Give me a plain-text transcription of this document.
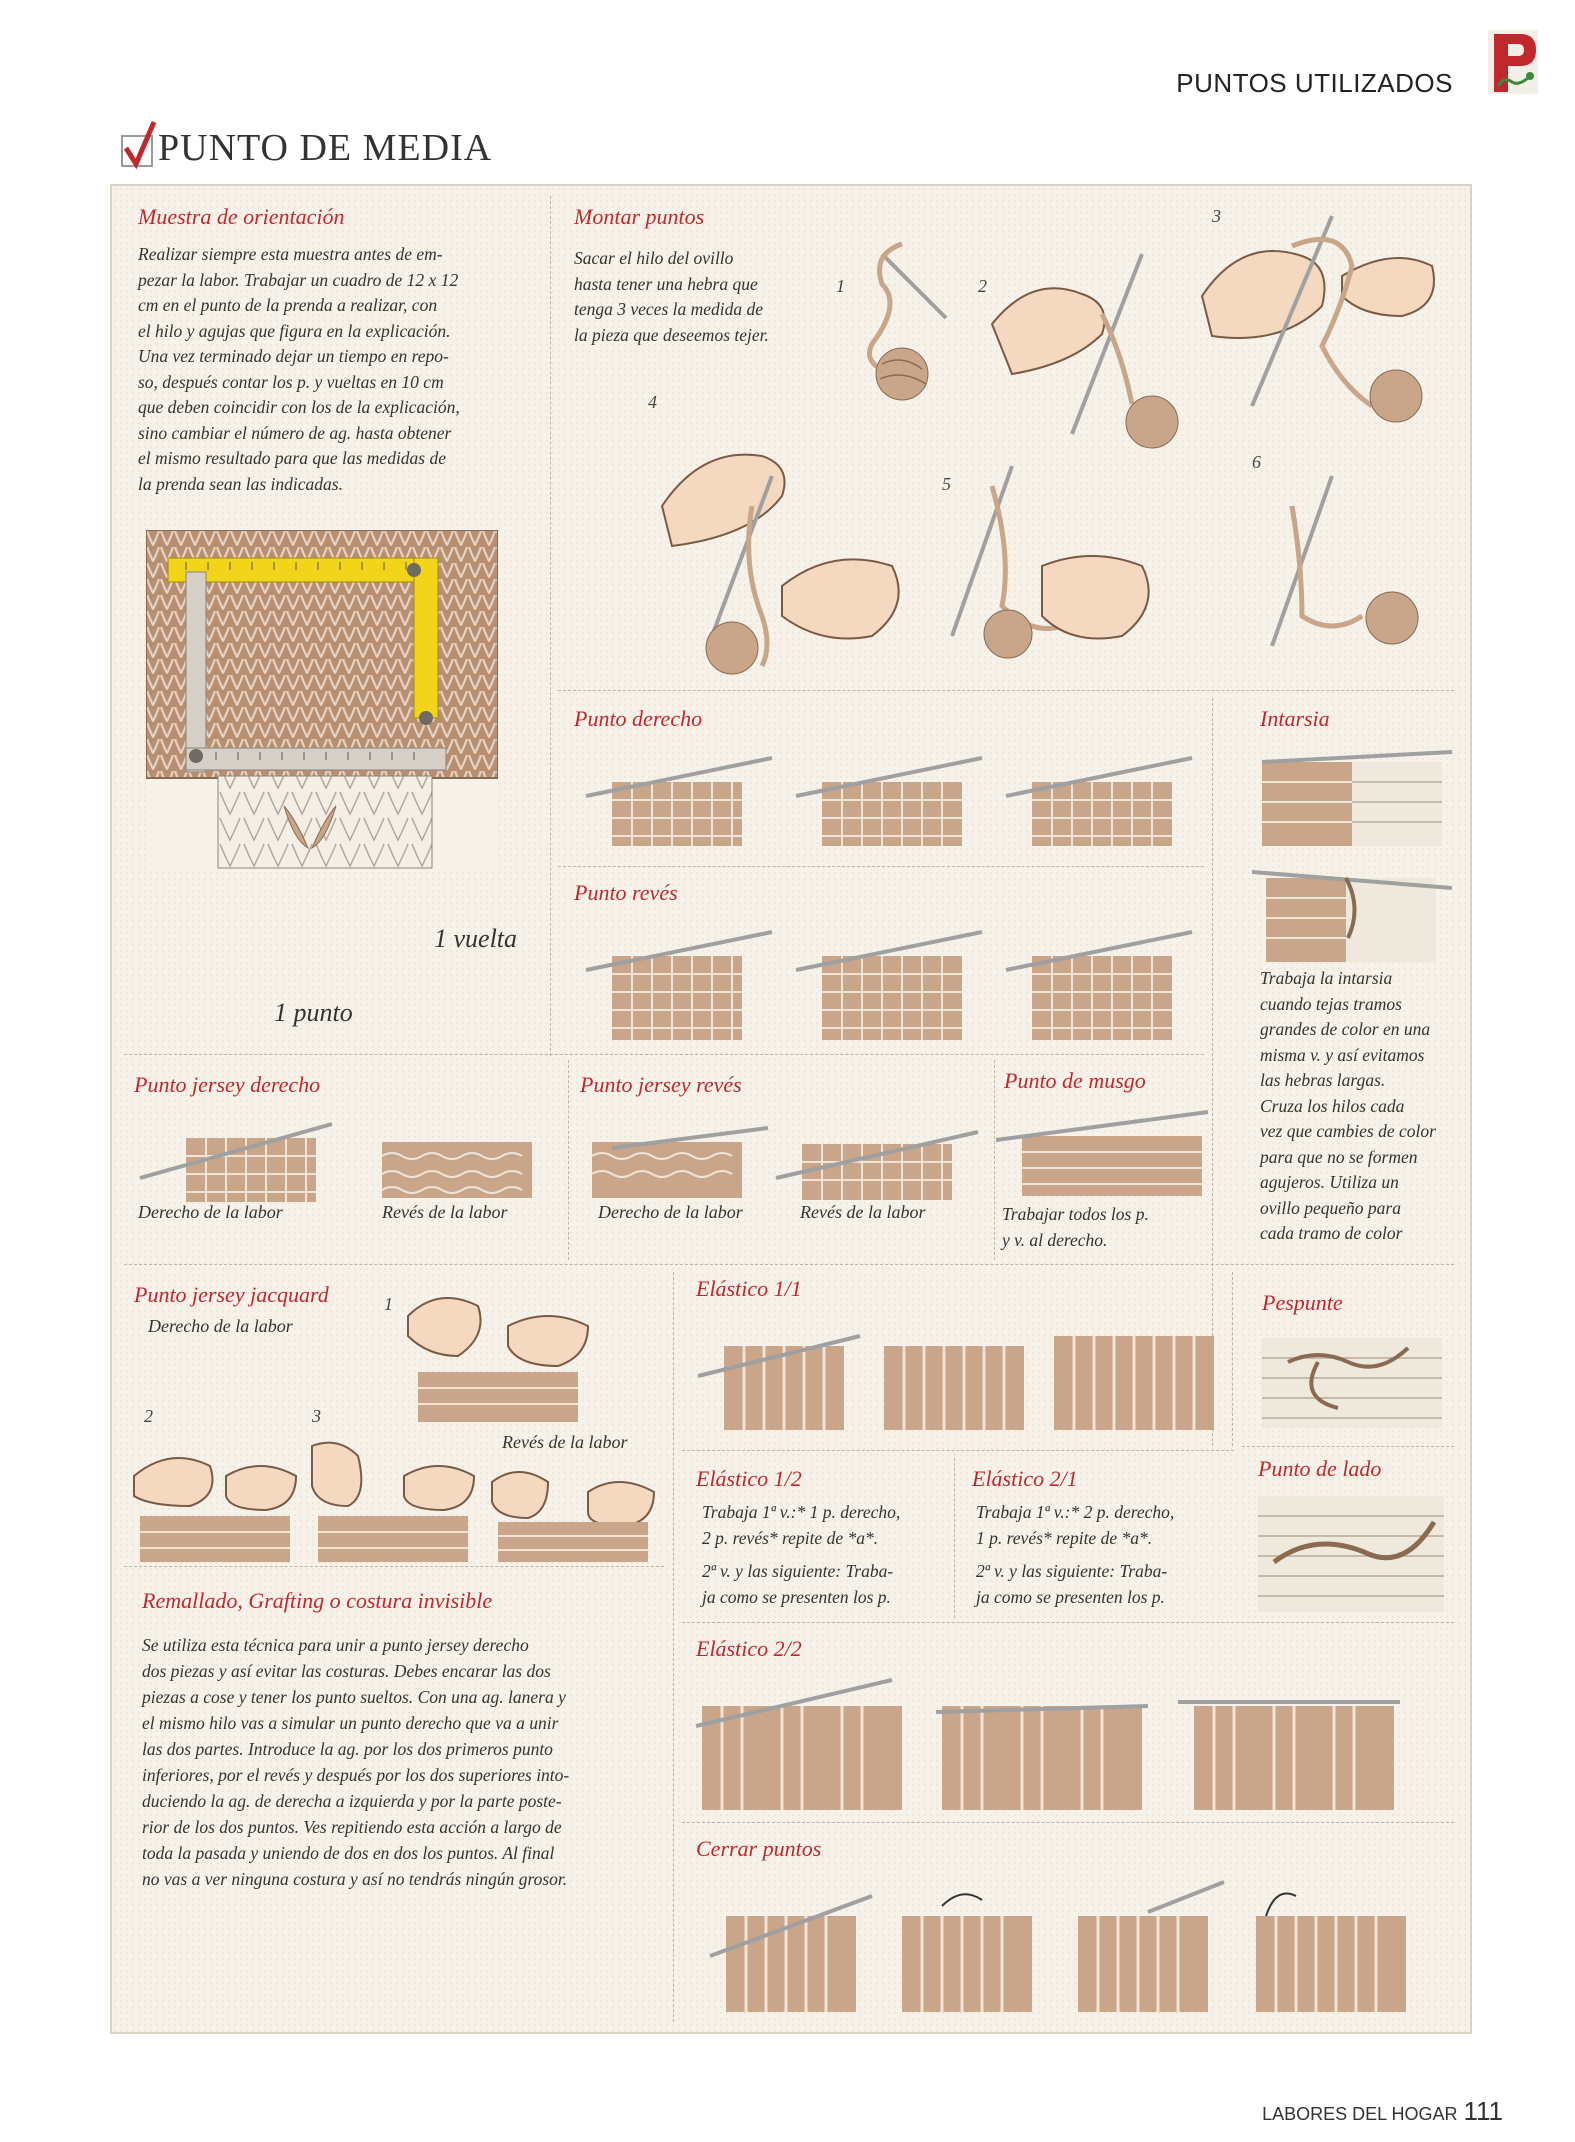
PUNTOS UTILIZADOS
PUNTO DE MEDIA
Muestra de orientación
Realizar siempre esta muestra antes de em-
pezar la labor. Trabajar un cuadro de 12 x 12
cm en el punto de la prenda a realizar, con
el hilo y agujas que figura en la explicación.
Una vez terminado dejar un tiempo en repo-
so, después contar los p. y vueltas en 10 cm
que deben coincidir con los de la explicación,
sino cambiar el número de ag. hasta obtener
el mismo resultado para que las medidas de
la prenda sean las indicadas.
1 vuelta
1 punto
Montar puntos
Sacar el hilo del ovillo
hasta tener una hebra que
tenga 3 veces la medida de
la pieza que deseemos tejer.
1	2
3
4
5
6
Punto derecho
Punto revés
Intarsia
Trabaja la intarsia
cuando tejas tramos
grandes de color en una
misma v. y así evitamos
las hebras largas.
Cruza los hilos cada
vez que cambies de color
para que no se formen
agujeros. Utiliza un
ovillo pequeño para
cada tramo de color
Punto jersey derecho
Derecho de la labor	Revés de la labor
Punto jersey revés
Derecho de la labor	Revés de la labor
Punto de musgo
Trabajar todos los p.
y v. al derecho.
Punto jersey jacquard
Derecho de la labor
1
2	3
Revés de la labor
Remallado, Grafting o costura invisible
Se utiliza esta técnica para unir a punto jersey derecho
dos piezas y así evitar las costuras. Debes encarar las dos
piezas a cose y tener los punto sueltos. Con una ag. lanera y
el mismo hilo vas a simular un punto derecho que va a unir
las dos partes. Introduce la ag. por los dos primeros punto
inferiores, por el revés y después por los dos superiores into-
duciendo la ag. de derecha a izquierda y por la parte poste-
rior de los dos puntos. Ves repitiendo esta acción a largo de
toda la pasada y uniendo de dos en dos los puntos. Al final
no vas a ver ninguna costura y así no tendrás ningún grosor.
Elástico 1/1
Pespunte
Punto de lado
Elástico 1/2
Trabaja 1ª v.:* 1 p. derecho,
2 p. revés* repite de *a*.
2ª v. y las siguiente: Traba-
ja como se presenten los p.
Elástico 2/1
Trabaja 1ª v.:* 2 p. derecho,
1 p. revés* repite de *a*.
2ª v. y las siguiente: Traba-
ja como se presenten los p.
Elástico 2/2
Cerrar puntos
LABORES DEL HOGAR 111
